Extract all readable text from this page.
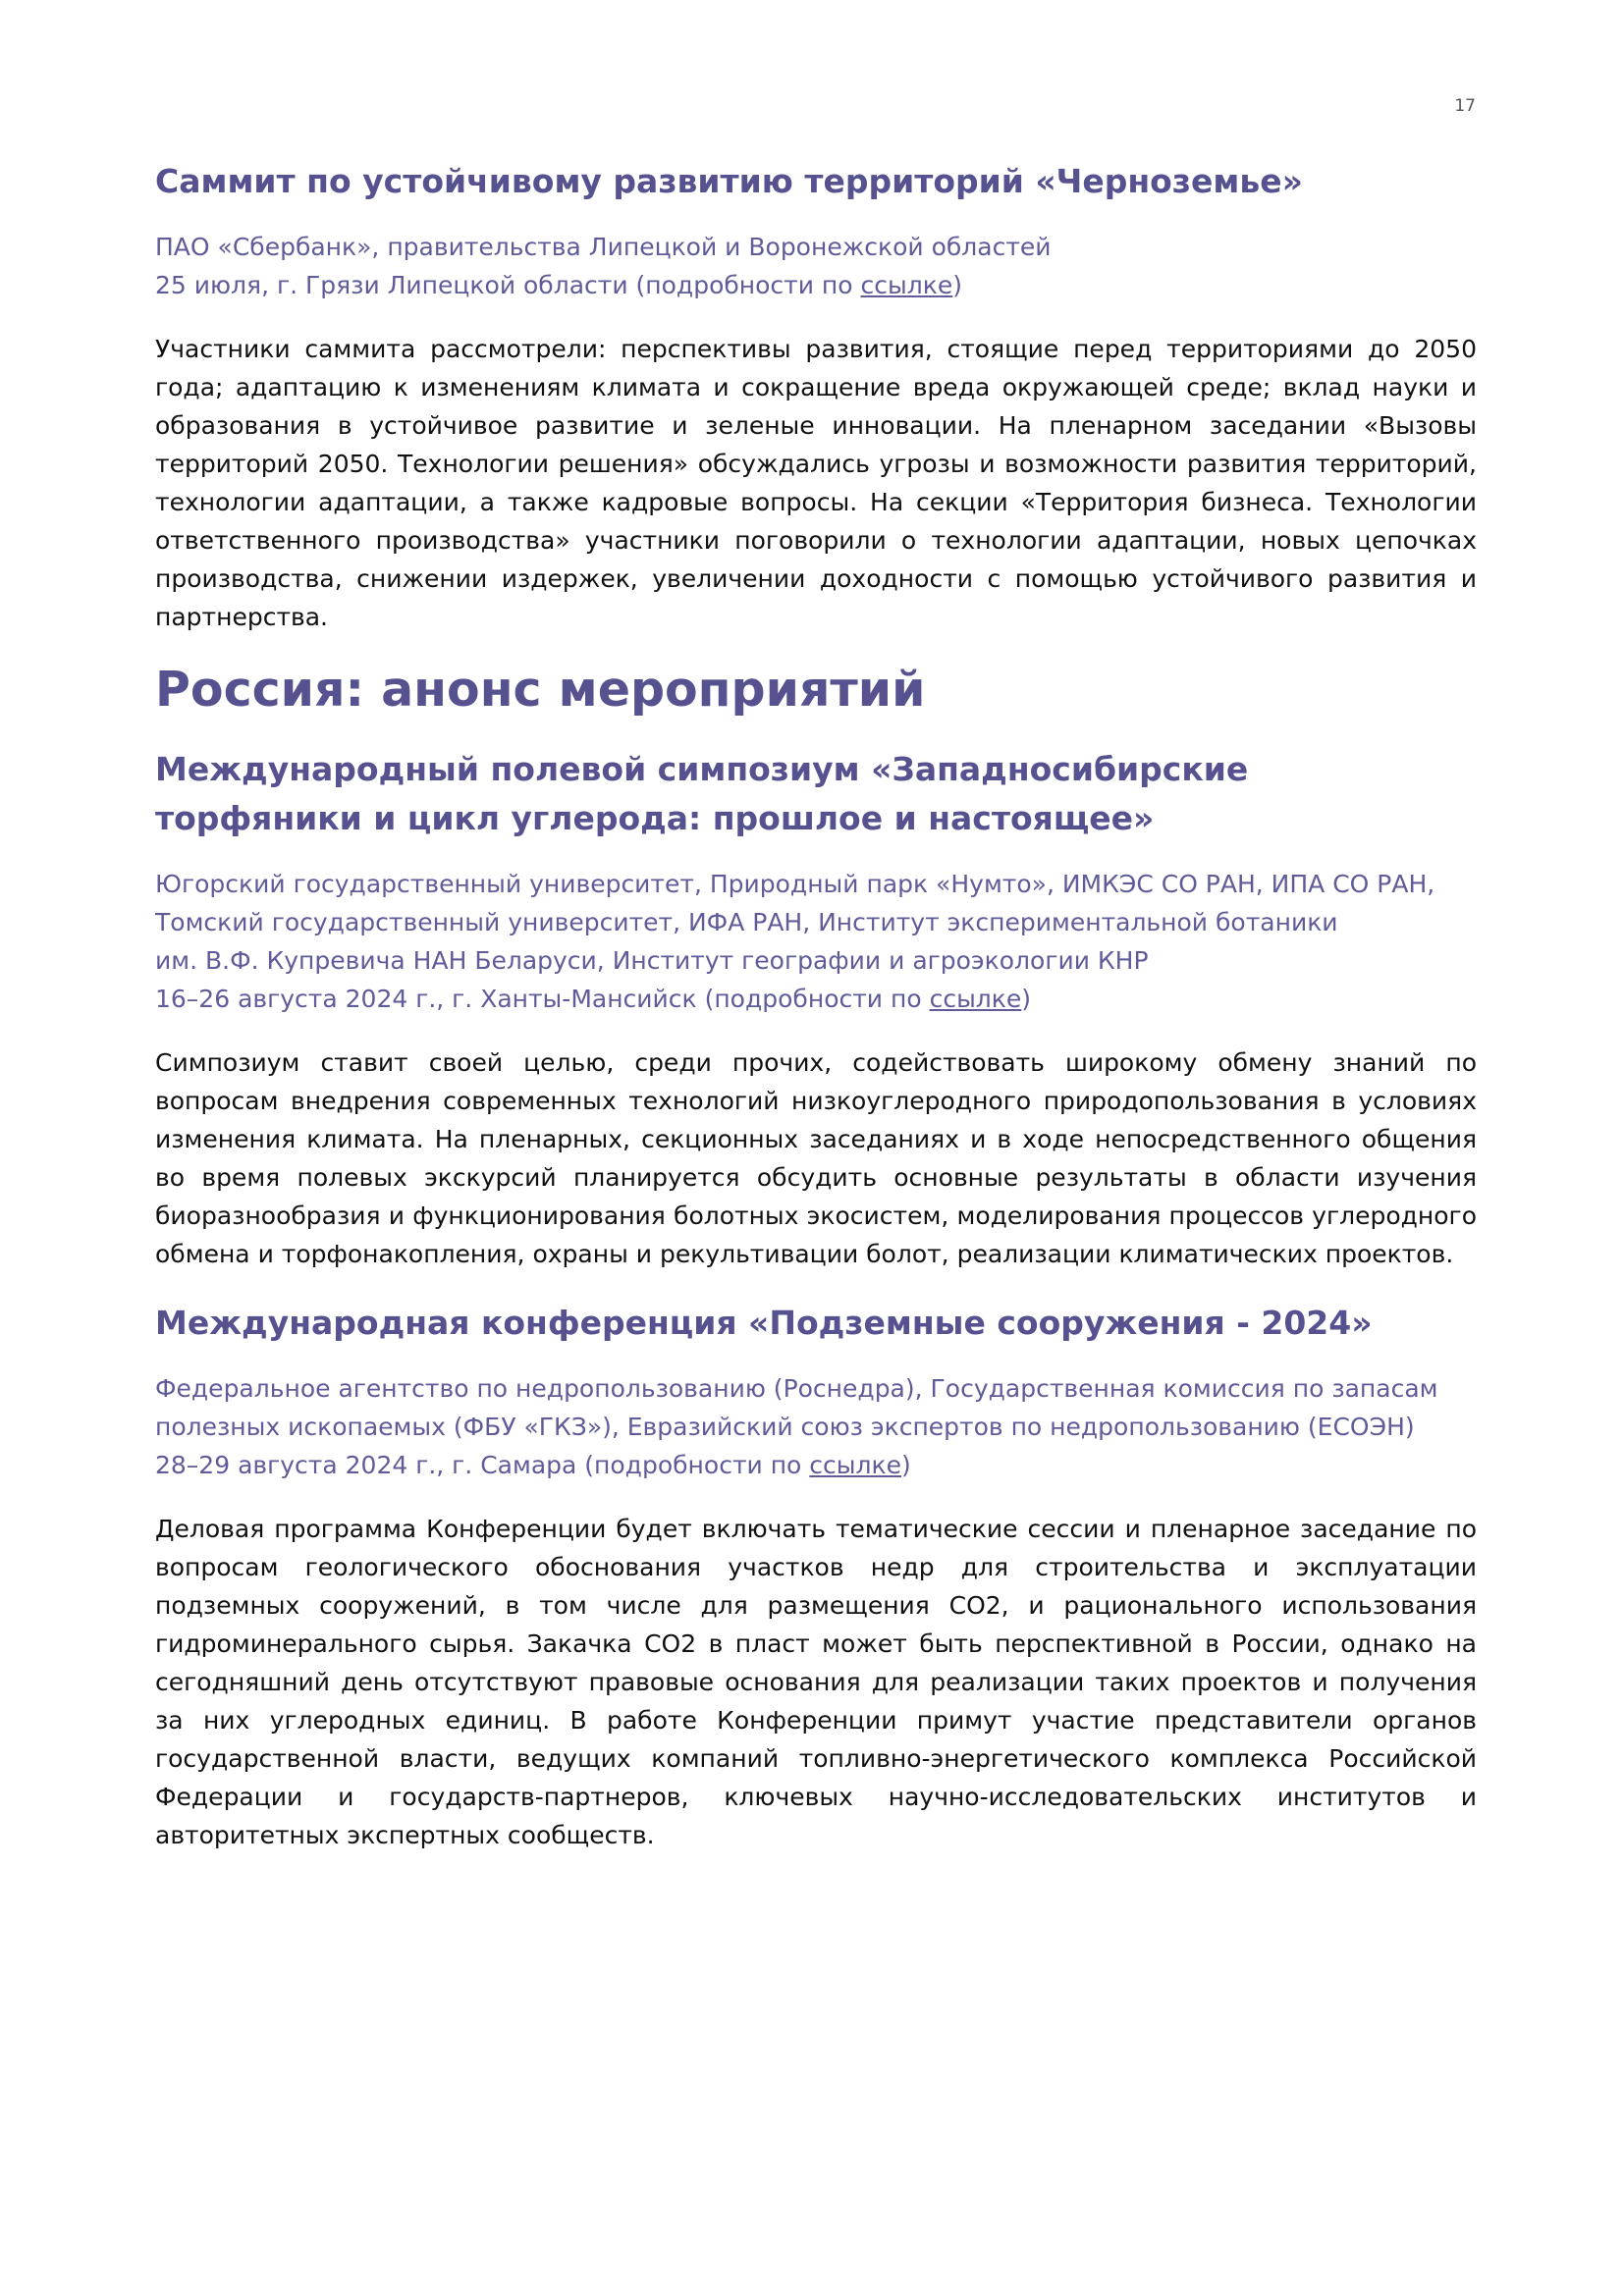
17
Саммит по устойчивому развитию территорий «Черноземье»
ПАО «Сбербанк», правительства Липецкой и Воронежской областей
25 июля, г. Грязи Липецкой области (подробности по ссылке)
Участники саммита рассмотрели: перспективы развития, стоящие перед территориями до 2050 года; адаптацию к изменениям климата и сокращение вреда окружающей среде; вклад науки и образования в устойчивое развитие и зеленые инновации. На пленарном заседании «Вызовы территорий 2050. Технологии решения» обсуждались угрозы и возможности развития территорий, технологии адаптации, а также кадровые вопросы. На секции «Территория бизнеса. Технологии ответственного производства» участники поговорили о технологии адаптации, новых цепочках производства, снижении издержек, увеличении доходности с помощью устойчивого развития и партнерства.
Россия: анонс мероприятий
Международный полевой симпозиум «Западносибирские
торфяники и цикл углерода: прошлое и настоящее»
Югорский государственный университет, Природный парк «Нумто», ИМКЭС СО РАН, ИПА СО РАН,
Томский государственный университет, ИФА РАН, Институт экспериментальной ботаники
им. В.Ф. Купревича НАН Беларуси, Институт географии и агроэкологии КНР
16–26 августа 2024 г., г. Ханты-Мансийск (подробности по ссылке)
Симпозиум ставит своей целью, среди прочих, содействовать широкому обмену знаний по вопросам внедрения современных технологий низкоуглеродного природопользования в условиях изменения климата. На пленарных, секционных заседаниях и в ходе непосредственного общения во время полевых экскурсий планируется обсудить основные результаты в области изучения биоразнообразия и функционирования болотных экосистем, моделирования процессов углеродного обмена и торфонакопления, охраны и рекультивации болот, реализации климатических проектов.
Международная конференция «Подземные сооружения - 2024»
Федеральное агентство по недропользованию (Роснедра), Государственная комиссия по запасам
полезных ископаемых (ФБУ «ГКЗ»), Евразийский союз экспертов по недропользованию (ЕСОЭН)
28–29 августа 2024 г., г. Самара (подробности по ссылке)
Деловая программа Конференции будет включать тематические сессии и пленарное заседание по вопросам геологического обоснования участков недр для строительства и эксплуатации подземных сооружений, в том числе для размещения CO2, и рационального использования гидроминерального сырья. Закачка CO2 в пласт может быть перспективной в России, однако на сегодняшний день отсутствуют правовые основания для реализации таких проектов и получения за них углеродных единиц. В работе Конференции примут участие представители органов государственной власти, ведущих компаний топливно-энергетического комплекса Российской Федерации и государств-партнеров, ключевых научно-исследовательских институтов и авторитетных экспертных сообществ.
